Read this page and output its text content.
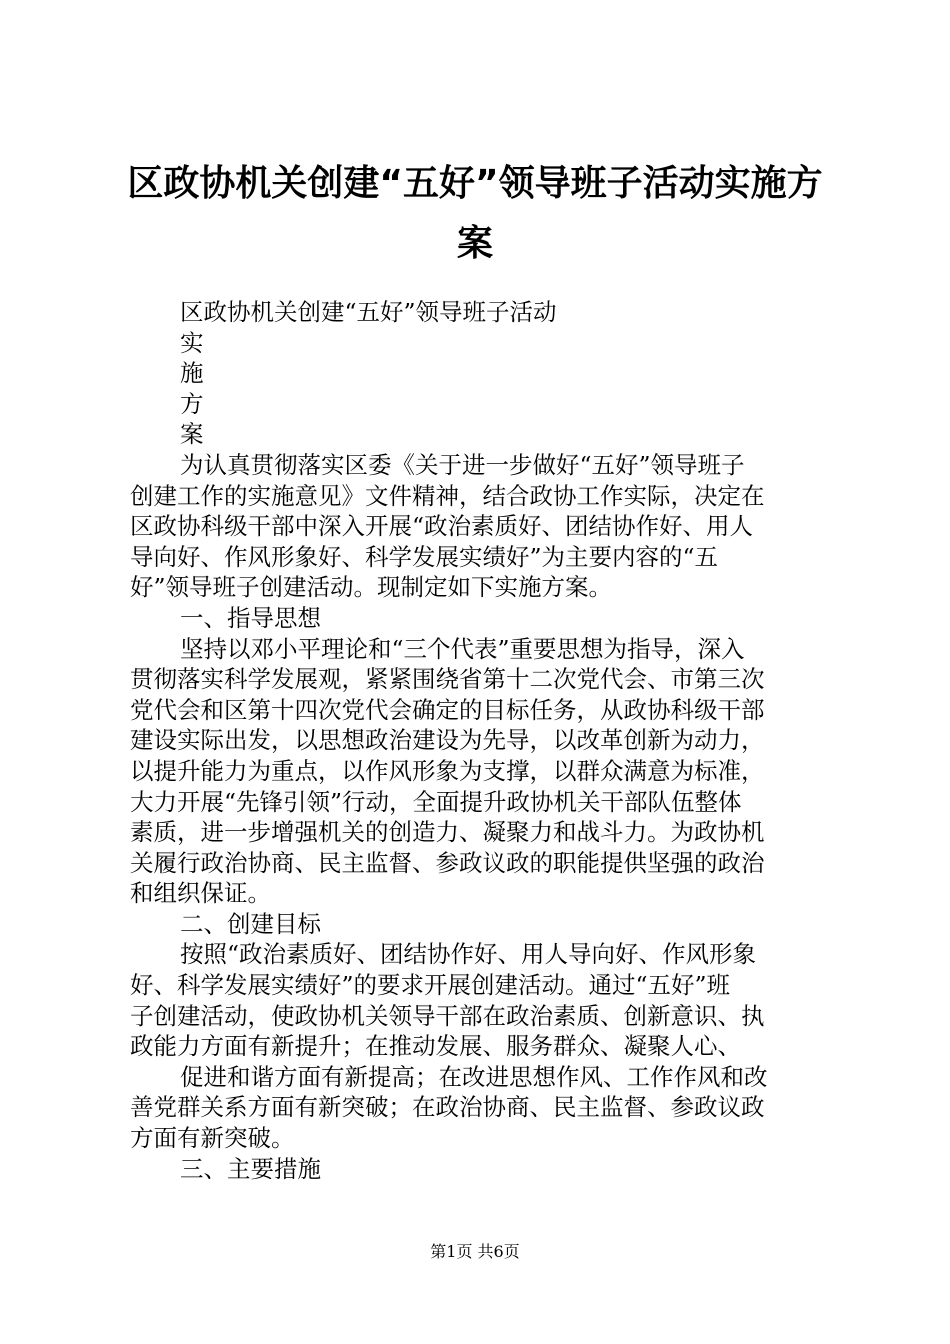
区政协机关创建“五好”领导班子活动实施方
案

区政协机关创建“五好”领导班子活动

实

施

方

案

为认真贯彻落实区委《关于进一步做好“五好”领导班子

创建工作的实施意见》文件精神，结合政协工作实际，决定在

区政协科级干部中深入开展“政治素质好、团结协作好、用人

导向好、作风形象好、科学发展实绩好”为主要内容的“五

好”领导班子创建活动。现制定如下实施方案。

一、指导思想

坚持以邓小平理论和“三个代表”重要思想为指导，深入

贯彻落实科学发展观，紧紧围绕省第十二次党代会、市第三次

党代会和区第十四次党代会确定的目标任务，从政协科级干部

建设实际出发，以思想政治建设为先导，以改革创新为动力，

以提升能力为重点，以作风形象为支撑，以群众满意为标准，

大力开展“先锋引领”行动，全面提升政协机关干部队伍整体

素质，进一步增强机关的创造力、凝聚力和战斗力。为政协机

关履行政治协商、民主监督、参政议政的职能提供坚强的政治

和组织保证。

二、创建目标

按照“政治素质好、团结协作好、用人导向好、作风形象

好、科学发展实绩好”的要求开展创建活动。通过“五好”班

子创建活动，使政协机关领导干部在政治素质、创新意识、执

政能力方面有新提升；在推动发展、服务群众、凝聚人心、

促进和谐方面有新提高；在改进思想作风、工作作风和改

善党群关系方面有新突破；在政治协商、民主监督、参政议政

方面有新突破。

三、主要措施

第1页 共6页
